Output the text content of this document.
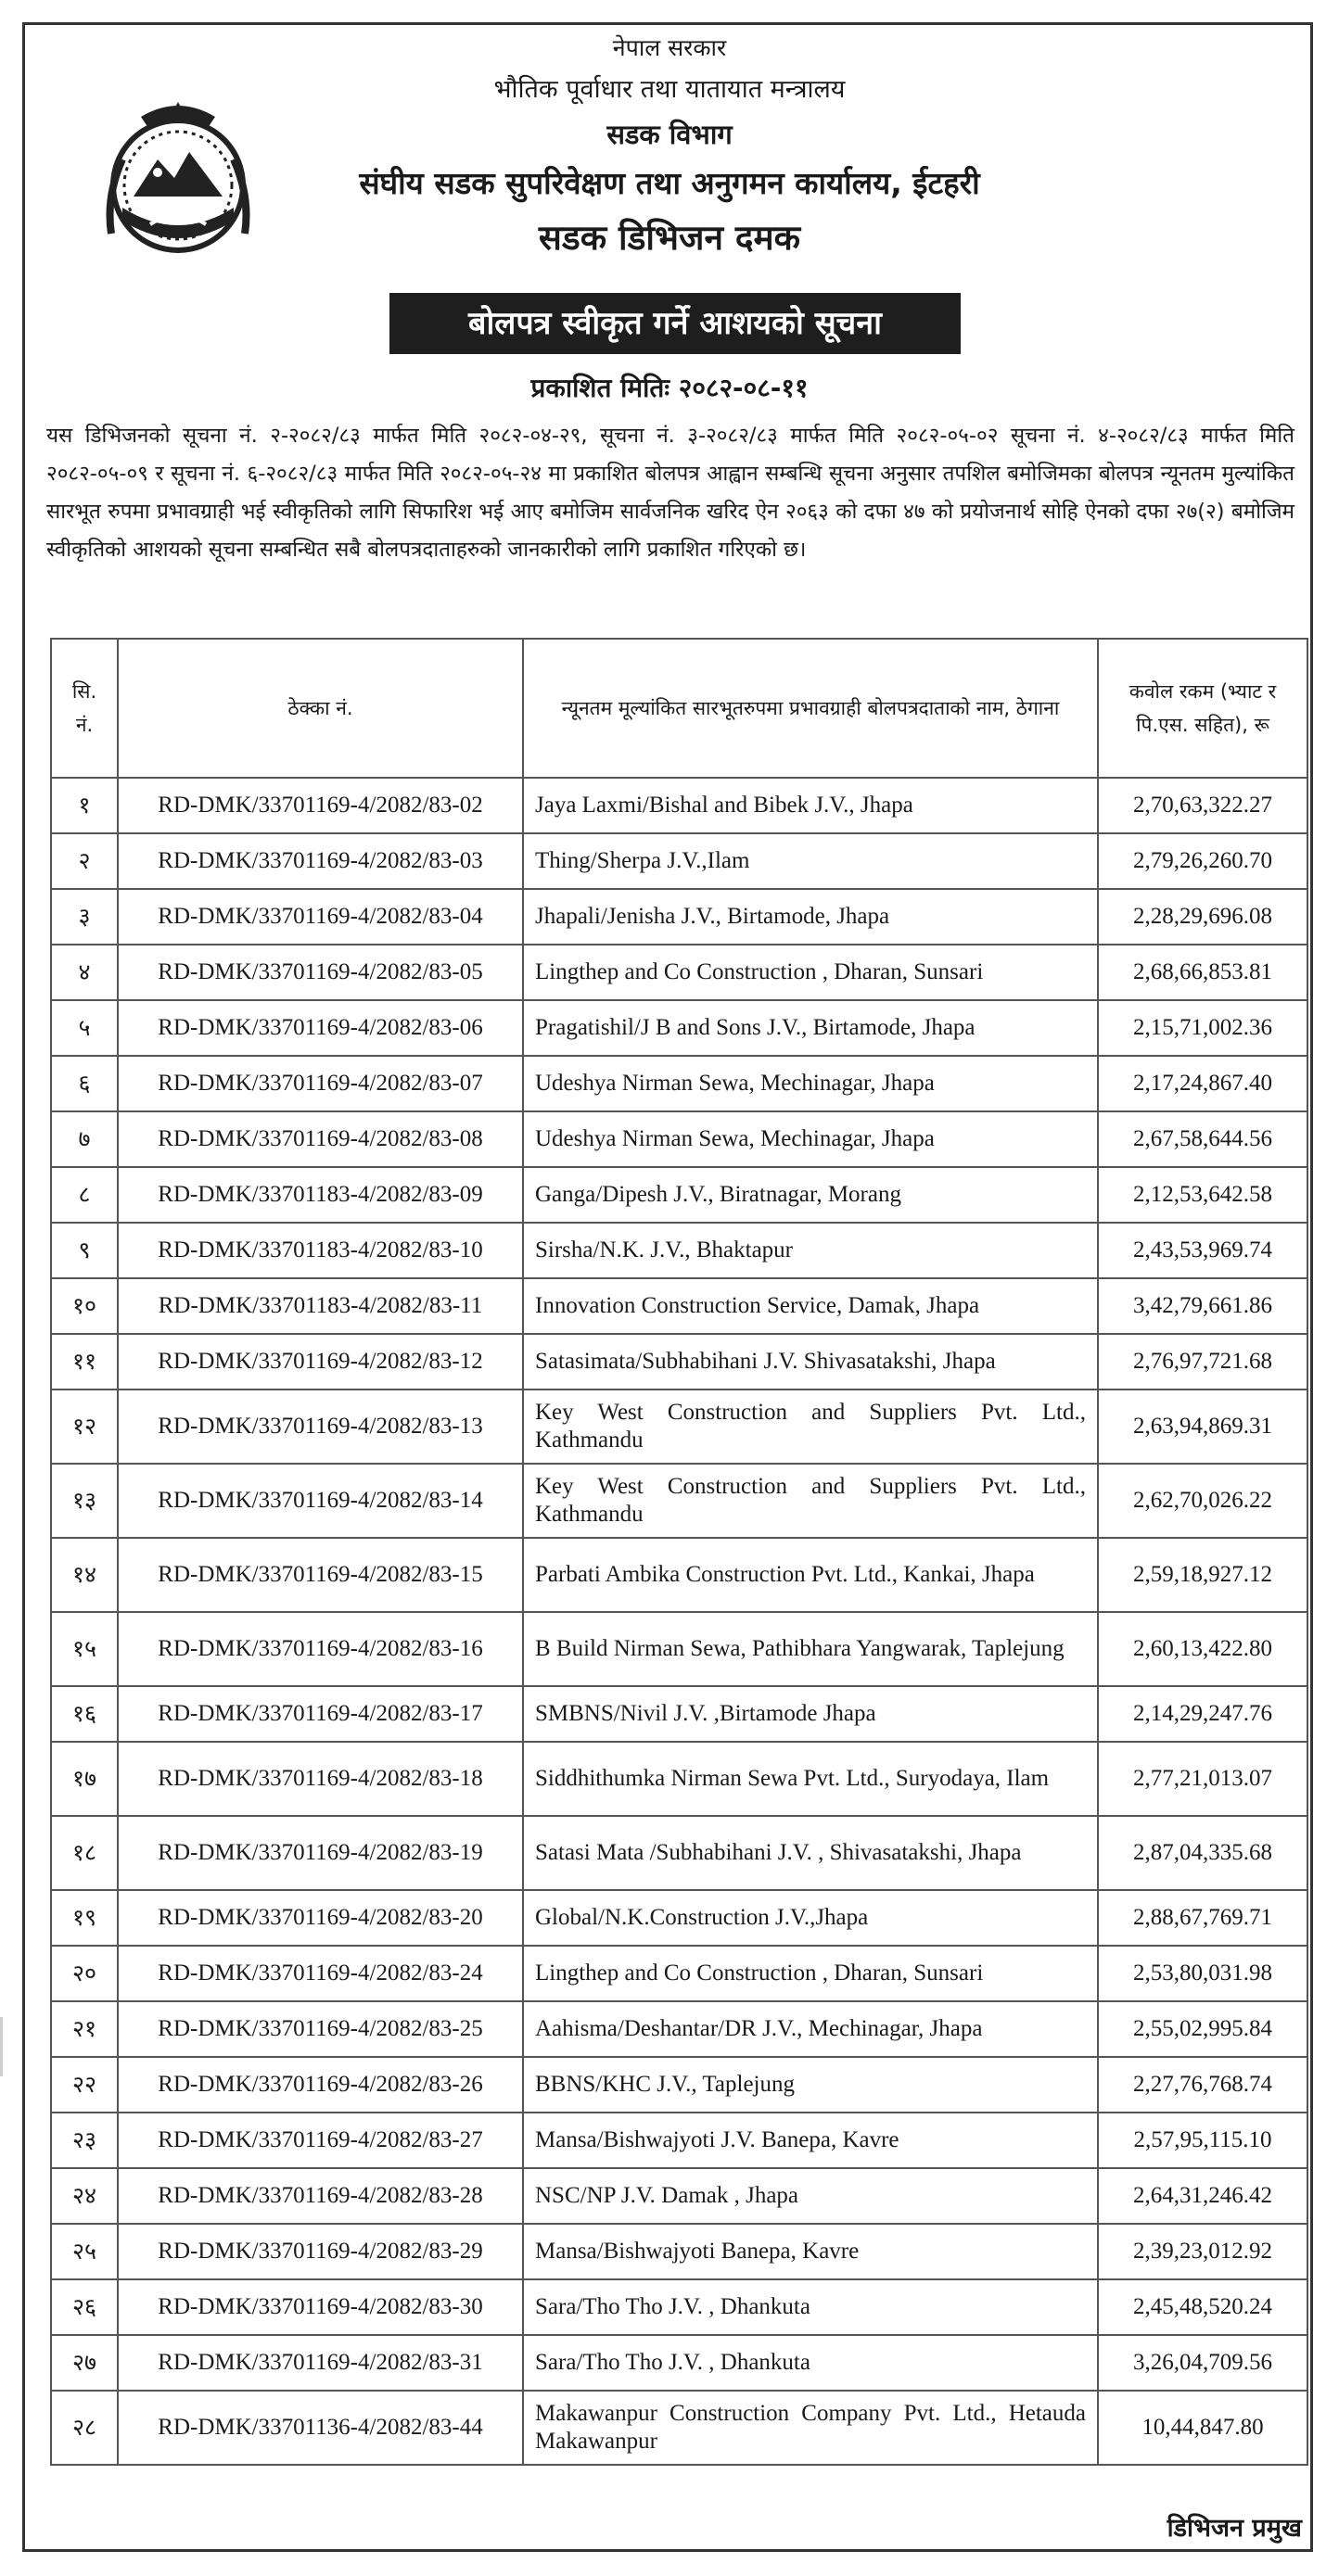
नेपाल सरकार
भौतिक पूर्वाधार तथा यातायात मन्त्रालय
सडक विभाग
संघीय सडक सुपरिवेक्षण तथा अनुगमन कार्यालय, ईटहरी
सडक डिभिजन दमक
बोलपत्र स्वीकृत गर्ने आशयको सूचना
प्रकाशित मितिः २०८२-०८-११
यस डिभिजनको सूचना नं. २-२०८२/८३ मार्फत मिति २०८२-०४-२९, सूचना नं. ३-२०८२/८३ मार्फत मिति २०८२-०५-०२ सूचना नं. ४-२०८२/८३ मार्फत मिति २०८२-०५-०९ र सूचना नं. ६-२०८२/८३ मार्फत मिति २०८२-०५-२४ मा प्रकाशित बोलपत्र आह्वान सम्बन्धि सूचना अनुसार तपशिल बमोजिमका बोलपत्र न्यूनतम मुल्यांकित सारभूत रुपमा प्रभावग्राही भई स्वीकृतिको लागि सिफारिश भई आए बमोजिम सार्वजनिक खरिद ऐन २०६३ को दफा ४७ को प्रयोजनार्थ सोहि ऐनको दफा २७(२) बमोजिम स्वीकृतिको आशयको सूचना सम्बन्धित सबै बोलपत्रदाताहरुको जानकारीको लागि प्रकाशित गरिएको छ।
सि. नं.	ठेक्का नं.	न्यूनतम मूल्यांकित सारभूतरुपमा प्रभावग्राही बोलपत्रदाताको नाम, ठेगाना	कवोल रकम (भ्याट र पि.एस. सहित), रू
१	RD-DMK/33701169-4/2082/83-02	Jaya Laxmi/Bishal and Bibek J.V., Jhapa	2,70,63,322.27
२	RD-DMK/33701169-4/2082/83-03	Thing/Sherpa J.V.,Ilam	2,79,26,260.70
३	RD-DMK/33701169-4/2082/83-04	Jhapali/Jenisha J.V., Birtamode, Jhapa	2,28,29,696.08
४	RD-DMK/33701169-4/2082/83-05	Lingthep and Co Construction , Dharan, Sunsari	2,68,66,853.81
५	RD-DMK/33701169-4/2082/83-06	Pragatishil/J B and Sons J.V., Birtamode, Jhapa	2,15,71,002.36
६	RD-DMK/33701169-4/2082/83-07	Udeshya Nirman Sewa, Mechinagar, Jhapa	2,17,24,867.40
७	RD-DMK/33701169-4/2082/83-08	Udeshya Nirman Sewa, Mechinagar, Jhapa	2,67,58,644.56
८	RD-DMK/33701183-4/2082/83-09	Ganga/Dipesh J.V., Biratnagar, Morang	2,12,53,642.58
९	RD-DMK/33701183-4/2082/83-10	Sirsha/N.K. J.V., Bhaktapur	2,43,53,969.74
१०	RD-DMK/33701183-4/2082/83-11	Innovation Construction Service, Damak, Jhapa	3,42,79,661.86
११	RD-DMK/33701169-4/2082/83-12	Satasimata/Subhabihani J.V. Shivasatakshi, Jhapa	2,76,97,721.68
१२	RD-DMK/33701169-4/2082/83-13	Key West Construction and Suppliers Pvt. Ltd., Kathmandu	2,63,94,869.31
१३	RD-DMK/33701169-4/2082/83-14	Key West Construction and Suppliers Pvt. Ltd., Kathmandu	2,62,70,026.22
१४	RD-DMK/33701169-4/2082/83-15	Parbati Ambika Construction Pvt. Ltd., Kankai, Jhapa	2,59,18,927.12
१५	RD-DMK/33701169-4/2082/83-16	B Build Nirman Sewa, Pathibhara Yangwarak, Taplejung	2,60,13,422.80
१६	RD-DMK/33701169-4/2082/83-17	SMBNS/Nivil J.V. ,Birtamode Jhapa	2,14,29,247.76
१७	RD-DMK/33701169-4/2082/83-18	Siddhithumka Nirman Sewa Pvt. Ltd., Suryodaya, Ilam	2,77,21,013.07
१८	RD-DMK/33701169-4/2082/83-19	Satasi Mata /Subhabihani J.V. , Shivasatakshi, Jhapa	2,87,04,335.68
१९	RD-DMK/33701169-4/2082/83-20	Global/N.K.Construction J.V.,Jhapa	2,88,67,769.71
२०	RD-DMK/33701169-4/2082/83-24	Lingthep and Co Construction , Dharan, Sunsari	2,53,80,031.98
२१	RD-DMK/33701169-4/2082/83-25	Aahisma/Deshantar/DR J.V., Mechinagar, Jhapa	2,55,02,995.84
२२	RD-DMK/33701169-4/2082/83-26	BBNS/KHC J.V., Taplejung	2,27,76,768.74
२३	RD-DMK/33701169-4/2082/83-27	Mansa/Bishwajyoti J.V. Banepa, Kavre	2,57,95,115.10
२४	RD-DMK/33701169-4/2082/83-28	NSC/NP J.V. Damak , Jhapa	2,64,31,246.42
२५	RD-DMK/33701169-4/2082/83-29	Mansa/Bishwajyoti Banepa, Kavre	2,39,23,012.92
२६	RD-DMK/33701169-4/2082/83-30	Sara/Tho Tho J.V. , Dhankuta	2,45,48,520.24
२७	RD-DMK/33701169-4/2082/83-31	Sara/Tho Tho J.V. , Dhankuta	3,26,04,709.56
२८	RD-DMK/33701136-4/2082/83-44	Makawanpur Construction Company Pvt. Ltd., Hetauda Makawanpur	10,44,847.80
डिभिजन प्रमुख
